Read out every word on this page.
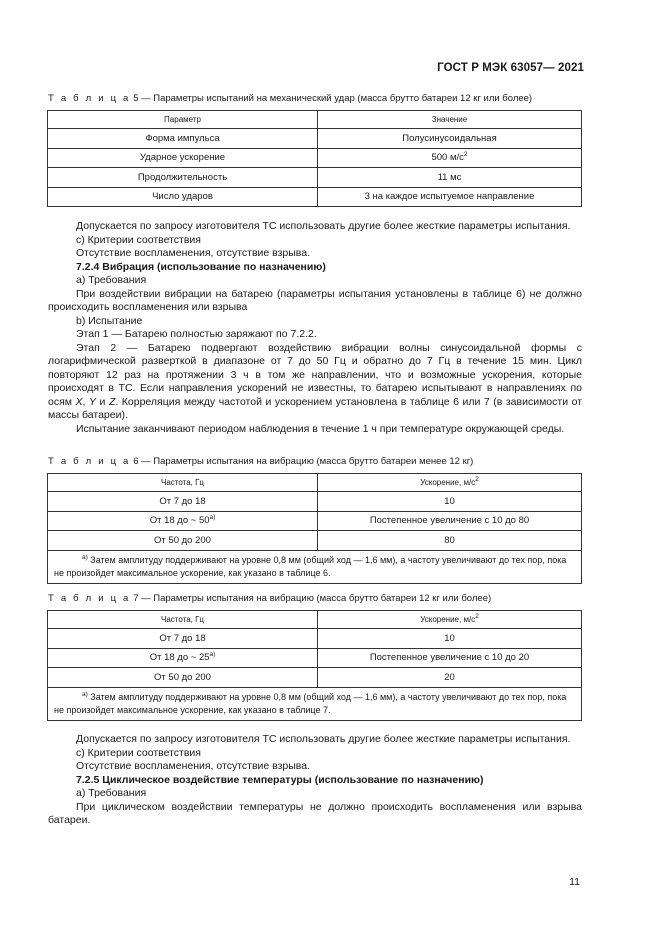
ГОСТ Р МЭК 63057— 2021
Т а б л и ц а 5 — Параметры испытаний на механический удар (масса брутто батареи 12 кг или более)
Параметр	Значение
Форма импульса	Полусинусоидальная
Ударное ускорение	500 $м/с^2$
Продолжительность	11 мс
Число ударов	3 на каждое испытуемое направление

Допускается по запросу изготовителя ТС использовать другие более жесткие параметры испытания.

с) Критерии соответствия

Отсутствие воспламенения, отсутствие взрыва.

7.2.4 Вибрация (использование по назначению)

а) Требования

При воздействии вибрации на батарею (параметры испытания установлены в таблице 6) не должно происходить воспламенения или взрыва

b) Испытание

Этап 1 — Батарею полностью заряжают по 7.2.2.

Этап 2 — Батарею подвергают воздействию вибрации волны синусоидальной формы с логарифмической разверткой в диапазоне от 7 до 50 Гц и обратно до 7 Гц в течение 15 мин. Цикл повторяют 12 раз на протяжении 3 ч в том же направлении, что и возможные ускорения, которые происходят в ТС. Если направления ускорений не известны, то батарею испытывают в направлениях по осям X, Y и Z. Корреляция между частотой и ускорением установлена в таблице 6 или 7 (в зависимости от массы батареи).

Испытание заканчивают периодом наблюдения в течение 1 ч при температуре окружающей среды.

Т а б л и ц а 6 — Параметры испытания на вибрацию (масса брутто батареи менее 12 кг)
Частота, Гц	Ускорение, $м/с^2$
От 7 до 18	10
От 18 до ~ $50^{а)}$	Постепенное увеличение с 10 до 80
От 50 до 200	80
$^{а)}$ Затем амплитуду поддерживают на уровне 0,8 мм (общий ход — 1,6 мм), а частоту увеличивают до тех пор, пока не произойдет максимальное ускорение, как указано в таблице 6.	
Т а б л и ц а 7 — Параметры испытания на вибрацию (масса брутто батареи 12 кг или более)
Частота, Гц	Ускорение, $м/с^2$
От 7 до 18	10
От 18 до ~ $25^{а)}$	Постепенное увеличение с 10 до 20
От 50 до 200	20
$^{а)}$ Затем амплитуду поддерживают на уровне 0,8 мм (общий ход — 1,6 мм), а частоту увеличивают до тех пор, пока не произойдет максимальное ускорение, как указано в таблице 7.	

Допускается по запросу изготовителя ТС использовать другие более жесткие параметры испытания.

с) Критерии соответствия

Отсутствие воспламенения, отсутствие взрыва.

7.2.5 Циклическое воздействие температуры (использование по назначению)

а) Требования

При циклическом воздействии температуры не должно происходить воспламенения или взрыва батареи.

11
